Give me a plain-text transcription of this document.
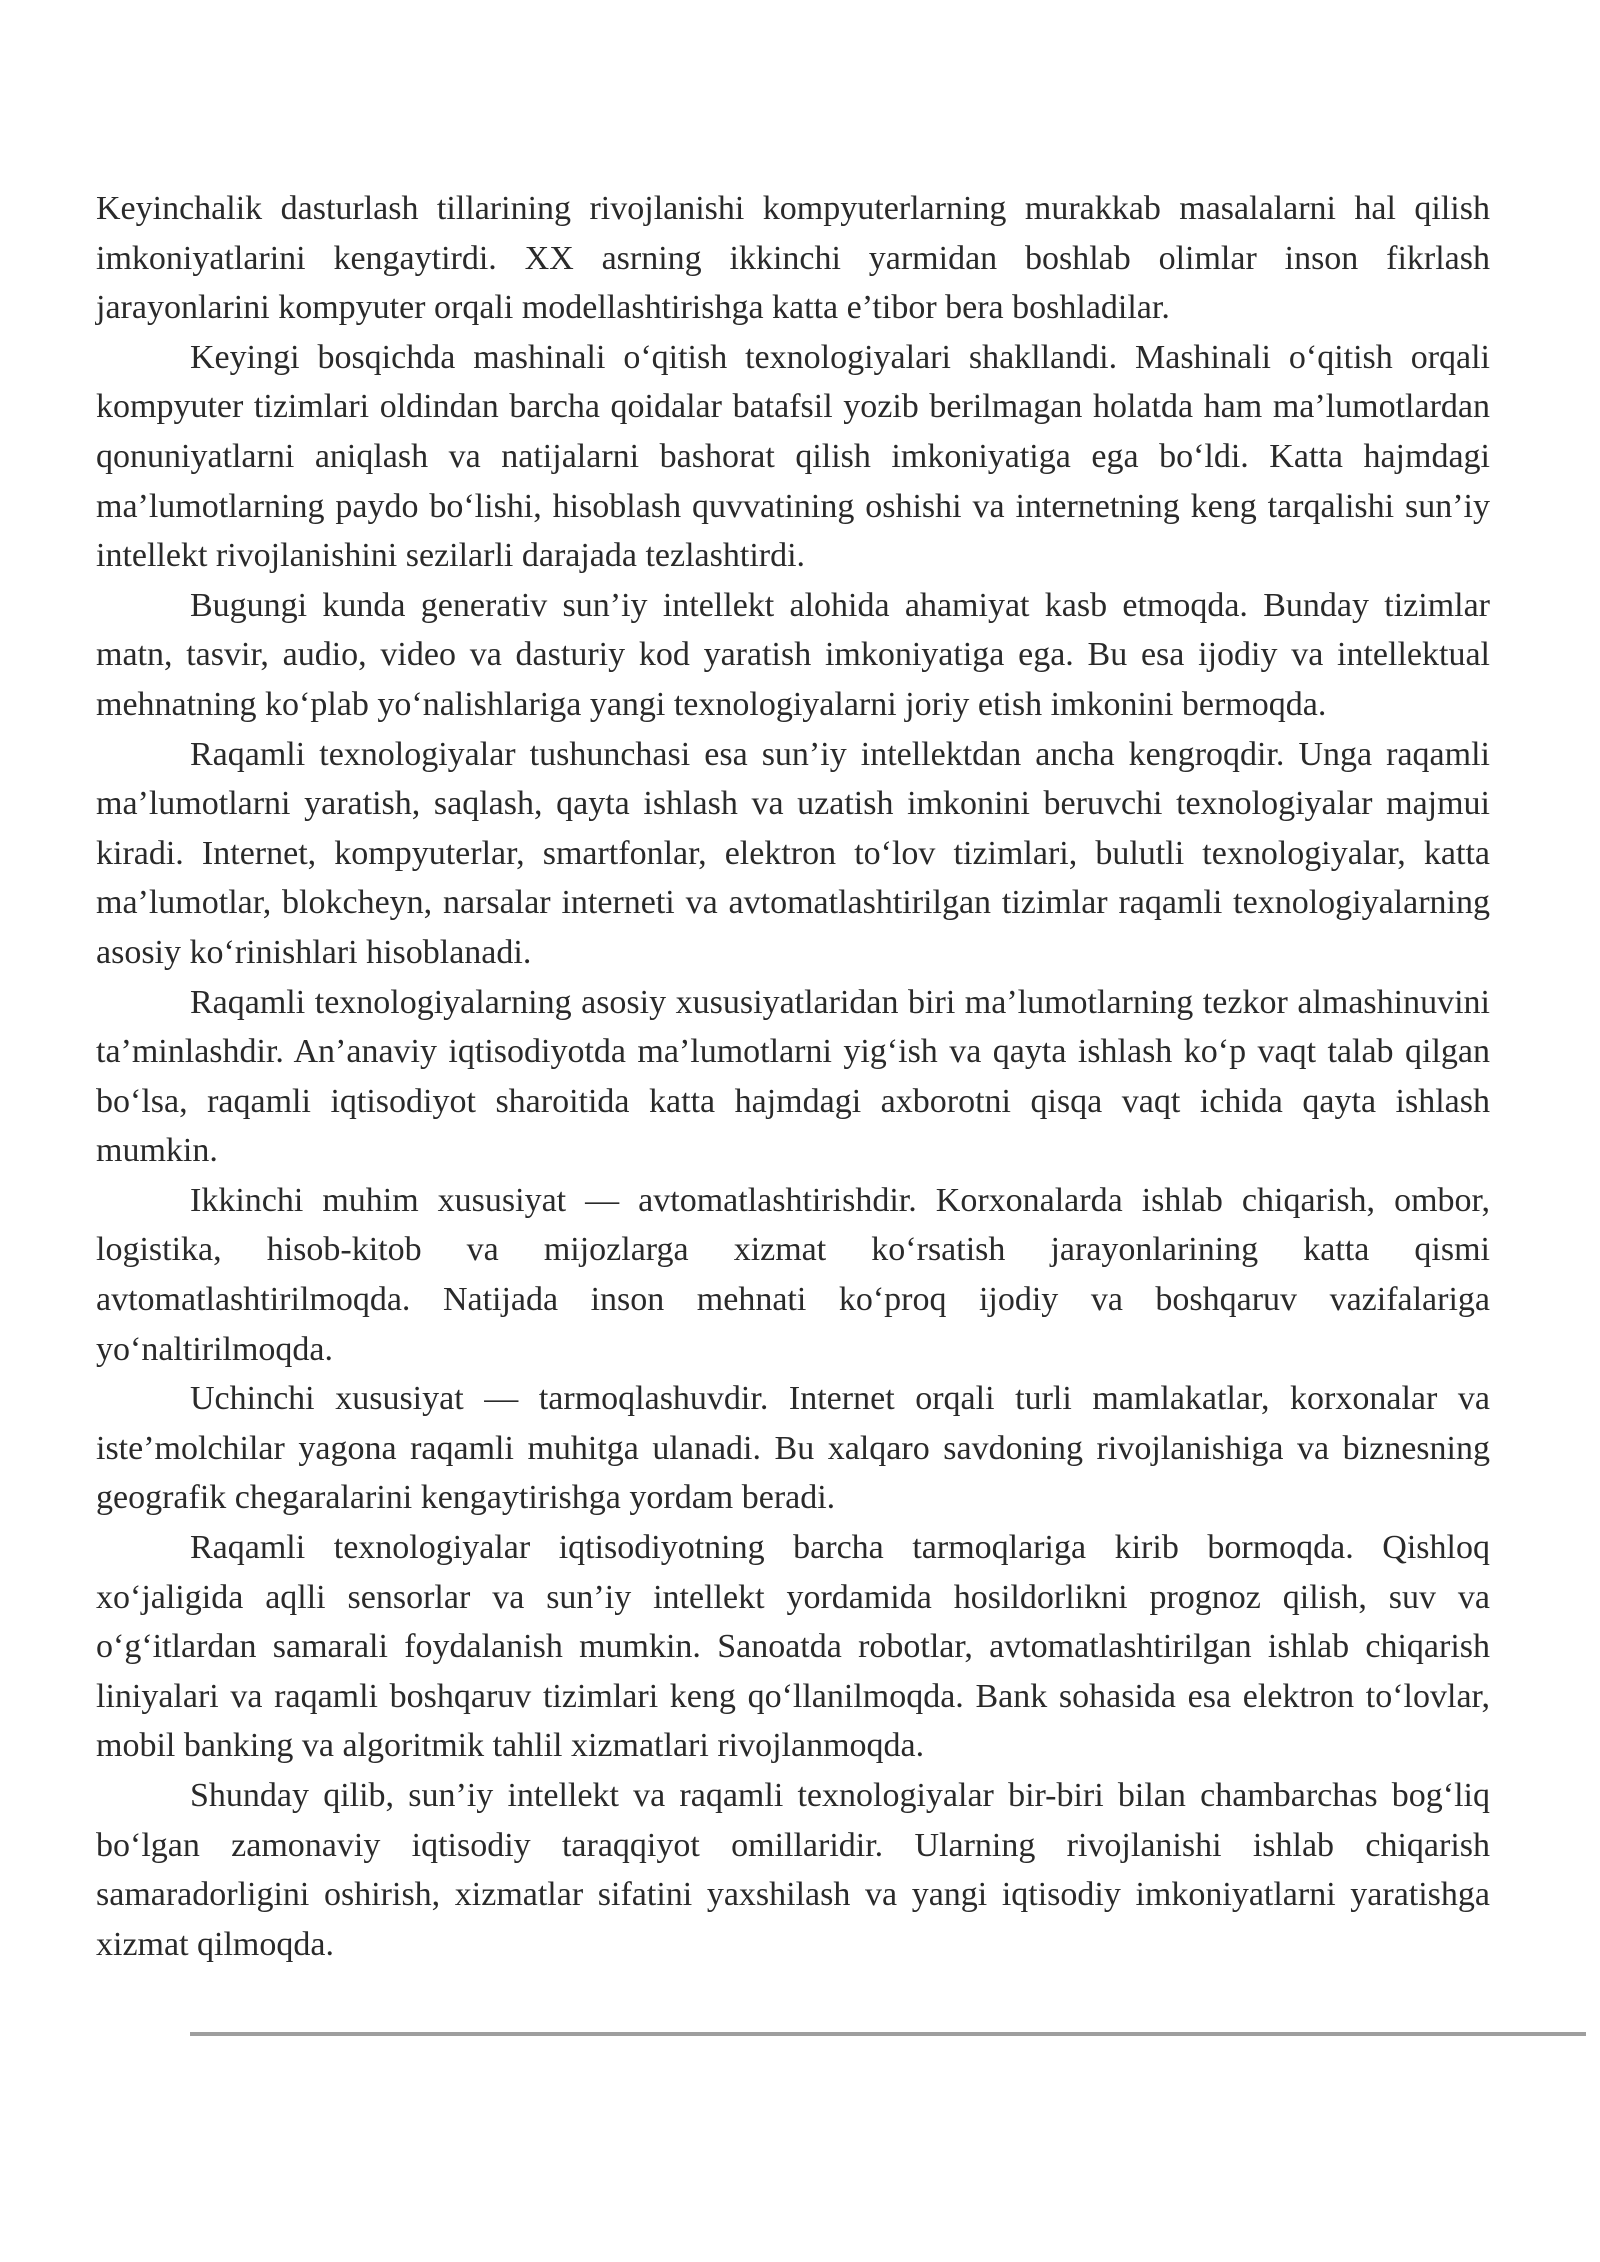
Keyinchalik dasturlash tillarining rivojlanishi kompyuterlarning murakkab masalalarni hal qilish imkoniyatlarini kengaytirdi. XX asrning ikkinchi yarmidan boshlab olimlar inson fikrlash jarayonlarini kompyuter orqali modellashtirishga katta e’tibor bera boshladilar.

Keyingi bosqichda mashinali o‘qitish texnologiyalari shakllandi. Mashinali o‘qitish orqali kompyuter tizimlari oldindan barcha qoidalar batafsil yozib berilmagan holatda ham ma’lumotlardan qonuniyatlarni aniqlash va natijalarni bashorat qilish imkoniyatiga ega bo‘ldi. Katta hajmdagi ma’lumotlarning paydo bo‘lishi, hisoblash quvvatining oshishi va internetning keng tarqalishi sun’iy intellekt rivojlanishini sezilarli darajada tezlashtirdi.

Bugungi kunda generativ sun’iy intellekt alohida ahamiyat kasb etmoqda. Bunday tizimlar matn, tasvir, audio, video va dasturiy kod yaratish imkoniyatiga ega. Bu esa ijodiy va intellektual mehnatning ko‘plab yo‘nalishlariga yangi texnologiyalarni joriy etish imkonini bermoqda.

Raqamli texnologiyalar tushunchasi esa sun’iy intellektdan ancha kengroqdir. Unga raqamli ma’lumotlarni yaratish, saqlash, qayta ishlash va uzatish imkonini beruvchi texnologiyalar majmui kiradi. Internet, kompyuterlar, smartfonlar, elektron to‘lov tizimlari, bulutli texnologiyalar, katta ma’lumotlar, blokcheyn, narsalar interneti va avtomatlashtirilgan tizimlar raqamli texnologiyalarning asosiy ko‘rinishlari hisoblanadi.

Raqamli texnologiyalarning asosiy xususiyatlaridan biri ma’lumotlarning tezkor almashinuvini ta’minlashdir. An’anaviy iqtisodiyotda ma’lumotlarni yig‘ish va qayta ishlash ko‘p vaqt talab qilgan bo‘lsa, raqamli iqtisodiyot sharoitida katta hajmdagi axborotni qisqa vaqt ichida qayta ishlash mumkin.

Ikkinchi muhim xususiyat — avtomatlashtirishdir. Korxonalarda ishlab chiqarish, ombor, logistika, hisob-kitob va mijozlarga xizmat ko‘rsatish jarayonlarining katta qismi avtomatlashtirilmoqda. Natijada inson mehnati ko‘proq ijodiy va boshqaruv vazifalariga yo‘naltirilmoqda.

Uchinchi xususiyat — tarmoqlashuvdir. Internet orqali turli mamlakatlar, korxonalar va iste’molchilar yagona raqamli muhitga ulanadi. Bu xalqaro savdoning rivojlanishiga va biznesning geografik chegaralarini kengaytirishga yordam beradi.

Raqamli texnologiyalar iqtisodiyotning barcha tarmoqlariga kirib bormoqda. Qishloq xo‘jaligida aqlli sensorlar va sun’iy intellekt yordamida hosildorlikni prognoz qilish, suv va o‘g‘itlardan samarali foydalanish mumkin. Sanoatda robotlar, avtomatlashtirilgan ishlab chiqarish liniyalari va raqamli boshqaruv tizimlari keng qo‘llanilmoqda. Bank sohasida esa elektron to‘lovlar, mobil banking va algoritmik tahlil xizmatlari rivojlanmoqda.

Shunday qilib, sun’iy intellekt va raqamli texnologiyalar bir-biri bilan chambarchas bog‘liq bo‘lgan zamonaviy iqtisodiy taraqqiyot omillaridir. Ularning rivojlanishi ishlab chiqarish samaradorligini oshirish, xizmatlar sifatini yaxshilash va yangi iqtisodiy imkoniyatlarni yaratishga xizmat qilmoqda.
